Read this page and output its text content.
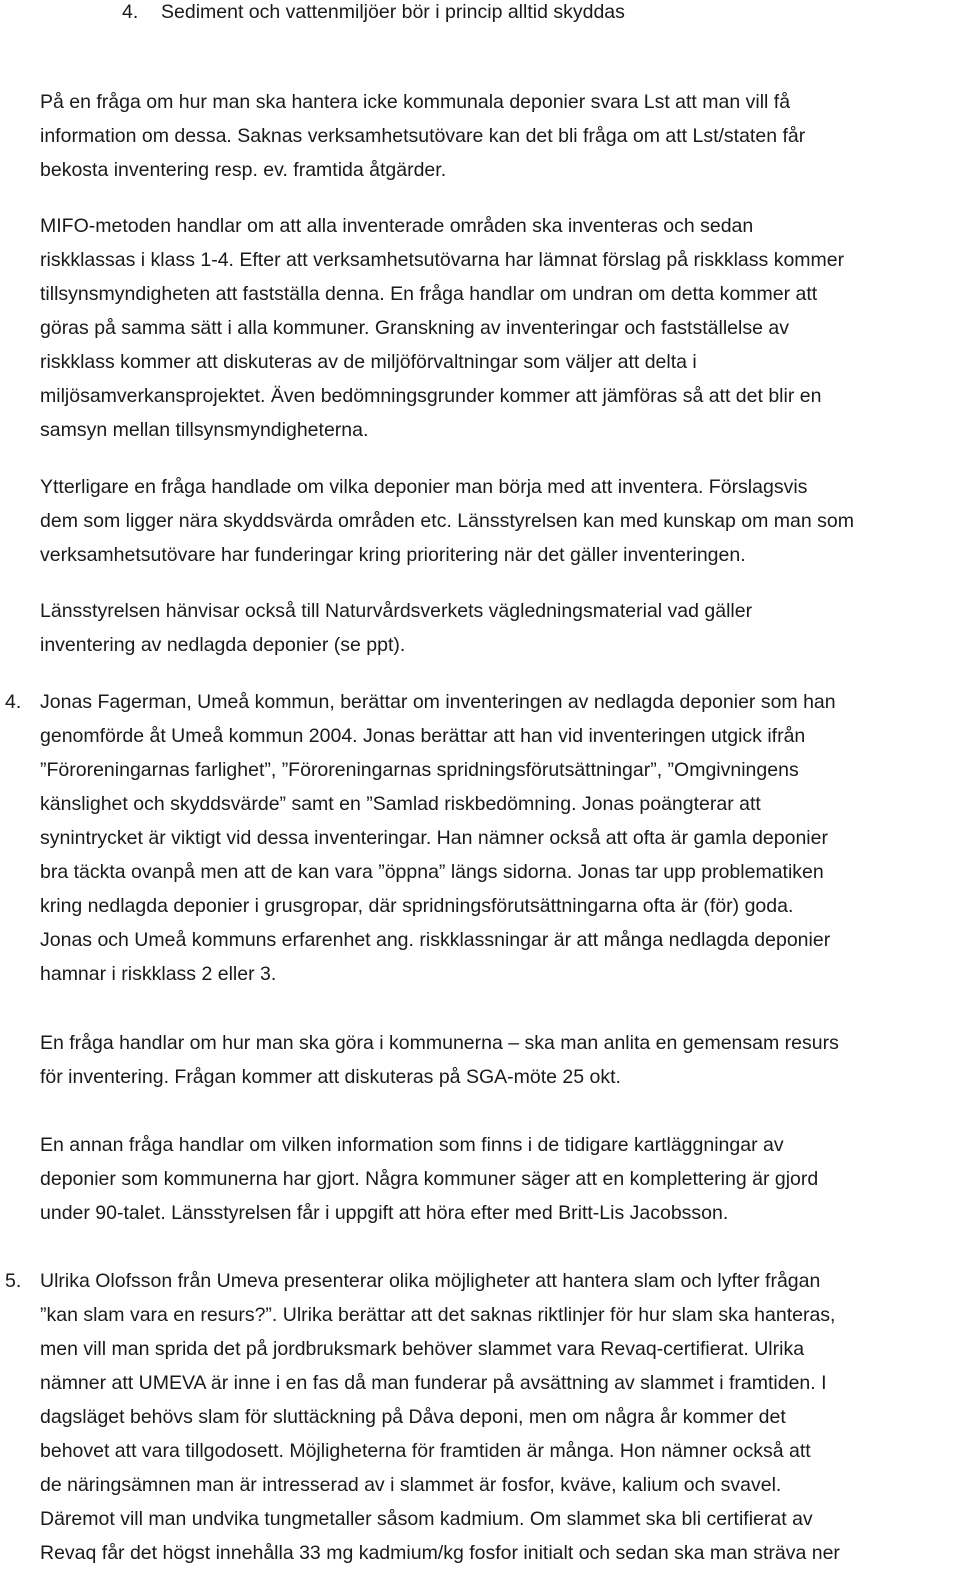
4. Sediment och vattenmiljöer bör i princip alltid skyddas
På en fråga om hur man ska hantera icke kommunala deponier svara Lst att man vill få
information om dessa. Saknas verksamhetsutövare kan det bli fråga om att Lst/staten får
bekosta inventering resp. ev. framtida åtgärder.
MIFO-metoden handlar om att alla inventerade områden ska inventeras och sedan
riskklassas i klass 1-4. Efter att verksamhetsutövarna har lämnat förslag på riskklass kommer
tillsynsmyndigheten att fastställa denna. En fråga handlar om undran om detta kommer att
göras på samma sätt i alla kommuner. Granskning av inventeringar och fastställelse av
riskklass kommer att diskuteras av de miljöförvaltningar som väljer att delta i
miljösamverkansprojektet. Även bedömningsgrunder kommer att jämföras så att det blir en
samsyn mellan tillsynsmyndigheterna.
Ytterligare en fråga handlade om vilka deponier man börja med att inventera. Förslagsvis
dem som ligger nära skyddsvärda områden etc. Länsstyrelsen kan med kunskap om man som
verksamhetsutövare har funderingar kring prioritering när det gäller inventeringen.
Länsstyrelsen hänvisar också till Naturvårdsverkets vägledningsmaterial vad gäller
inventering av nedlagda deponier (se ppt).
4. Jonas Fagerman, Umeå kommun, berättar om inventeringen av nedlagda deponier som han
genomförde åt Umeå kommun 2004. Jonas berättar att han vid inventeringen utgick ifrån
”Föroreningarnas farlighet”, ”Föroreningarnas spridningsförutsättningar”, ”Omgivningens
känslighet och skyddsvärde” samt en ”Samlad riskbedömning. Jonas poängterar att
synintrycket är viktigt vid dessa inventeringar. Han nämner också att ofta är gamla deponier
bra täckta ovanpå men att de kan vara ”öppna” längs sidorna. Jonas tar upp problematiken
kring nedlagda deponier i grusgropar, där spridningsförutsättningarna ofta är (för) goda.
Jonas och Umeå kommuns erfarenhet ang. riskklassningar är att många nedlagda deponier
hamnar i riskklass 2 eller 3.
En fråga handlar om hur man ska göra i kommunerna – ska man anlita en gemensam resurs
för inventering. Frågan kommer att diskuteras på SGA-möte 25 okt.
En annan fråga handlar om vilken information som finns i de tidigare kartläggningar av
deponier som kommunerna har gjort. Några kommuner säger att en komplettering är gjord
under 90-talet. Länsstyrelsen får i uppgift att höra efter med Britt-Lis Jacobsson.
5. Ulrika Olofsson från Umeva presenterar olika möjligheter att hantera slam och lyfter frågan
”kan slam vara en resurs?”. Ulrika berättar att det saknas riktlinjer för hur slam ska hanteras,
men vill man sprida det på jordbruksmark behöver slammet vara Revaq-certifierat. Ulrika
nämner att UMEVA är inne i en fas då man funderar på avsättning av slammet i framtiden. I
dagsläget behövs slam för sluttäckning på Dåva deponi, men om några år kommer det
behovet att vara tillgodosett. Möjligheterna för framtiden är många. Hon nämner också att
de näringsämnen man är intresserad av i slammet är fosfor, kväve, kalium och svavel.
Däremot vill man undvika tungmetaller såsom kadmium. Om slammet ska bli certifierat av
Revaq får det högst innehålla 33 mg kadmium/kg fosfor initialt och sedan ska man sträva ner
